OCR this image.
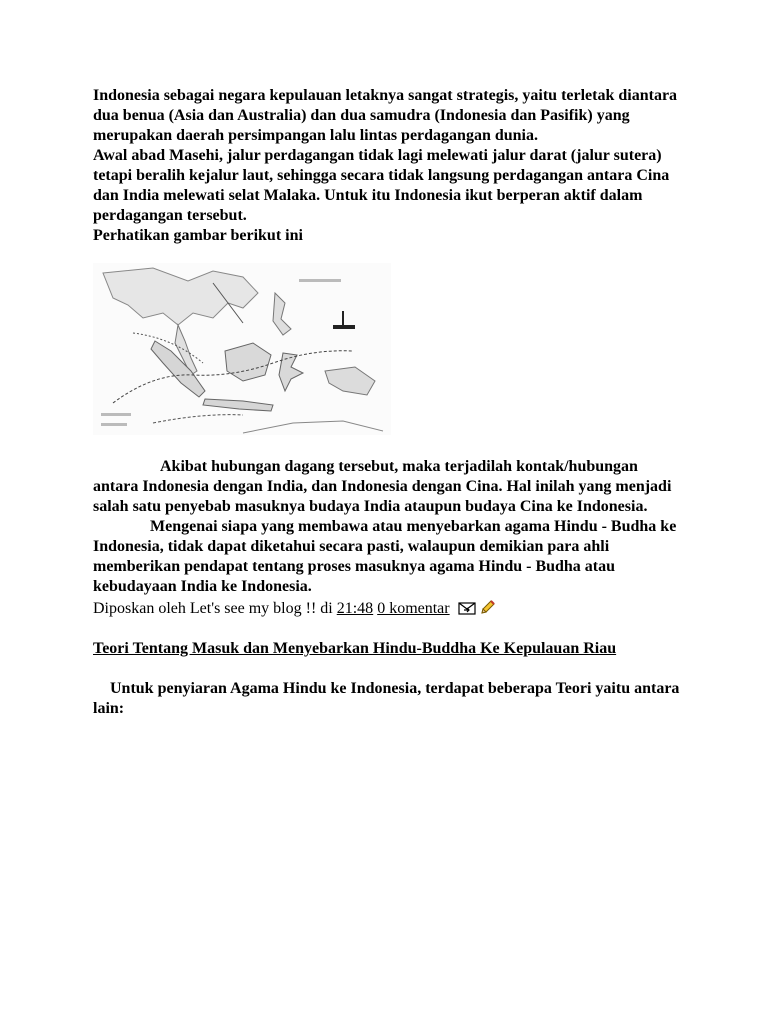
Indonesia sebagai negara kepulauan letaknya sangat strategis, yaitu terletak diantara dua benua (Asia dan Australia) dan dua samudra (Indonesia dan Pasifik) yang merupakan daerah persimpangan lalu lintas perdagangan dunia.

Awal abad Masehi, jalur perdagangan tidak lagi melewati jalur darat (jalur sutera) tetapi beralih kejalur laut, sehingga secara tidak langsung perdagangan antara Cina dan India melewati selat Malaka. Untuk itu Indonesia ikut berperan aktif dalam perdagangan tersebut.

Perhatikan gambar berikut ini

Akibat hubungan dagang tersebut, maka terjadilah kontak/hubungan antara Indonesia dengan India, dan Indonesia dengan Cina. Hal inilah yang menjadi salah satu penyebab masuknya budaya India ataupun budaya Cina ke Indonesia.

Mengenai siapa yang membawa atau menyebarkan agama Hindu - Budha ke Indonesia, tidak dapat diketahui secara pasti, walaupun demikian para ahli memberikan pendapat tentang proses masuknya agama Hindu - Budha atau kebudayaan India ke Indonesia.

Diposkan oleh Let's see my blog !! di 21:48 0 komentar

Teori Tentang Masuk dan Menyebarkan Hindu-Buddha Ke Kepulauan Riau

Untuk penyiaran Agama Hindu ke Indonesia, terdapat beberapa Teori yaitu antara lain:
